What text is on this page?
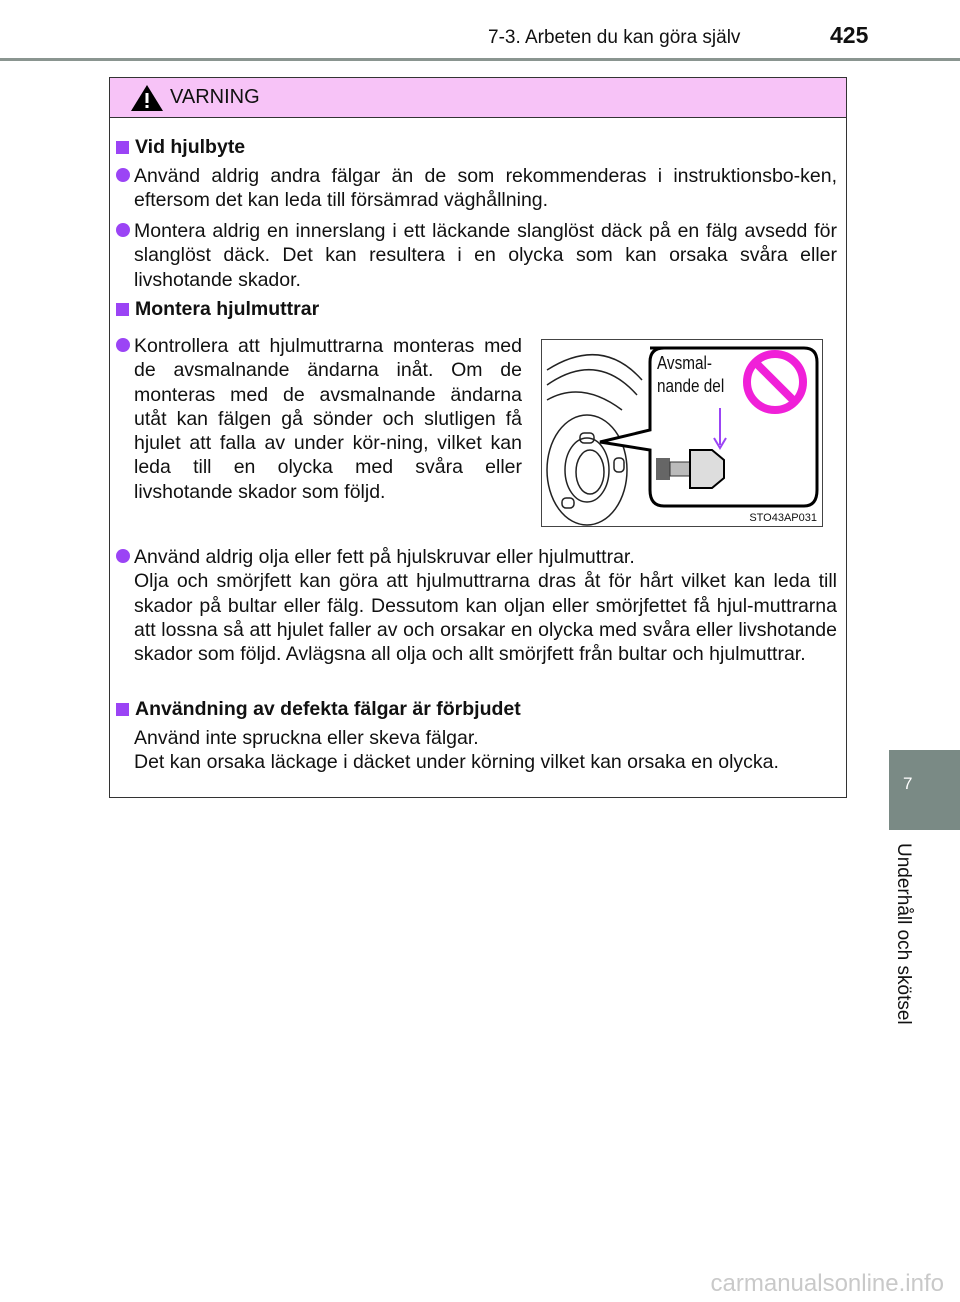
7-3. Arbeten du kan göra själv	425
VARNING
Vid hjulbyte
Använd aldrig andra fälgar än de som rekommenderas i instruktionsbo-ken, eftersom det kan leda till försämrad väghållning.
Montera aldrig en innerslang i ett läckande slanglöst däck på en fälg avsedd för slanglöst däck. Det kan resultera i en olycka som kan orsaka svåra eller livshotande skador.
Montera hjulmuttrar
Kontrollera att hjulmuttrarna monteras med de avsmalnande ändarna inåt. Om de monteras med de avsmalnande ändarna utåt kan fälgen gå sönder och slutligen få hjulet att falla av under kör-ning, vilket kan leda till en olycka med svåra eller livshotande skador som följd.
Avsmal-
nande del
STO43AP031
Använd aldrig olja eller fett på hjulskruvar eller hjulmuttrar.
Olja och smörjfett kan göra att hjulmuttrarna dras åt för hårt vilket kan leda till skador på bultar eller fälg. Dessutom kan oljan eller smörjfettet få hjul-muttrarna att lossna så att hjulet faller av och orsakar en olycka med svåra eller livshotande skador som följd. Avlägsna all olja och allt smörjfett från bultar och hjulmuttrar.
Användning av defekta fälgar är förbjudet
Använd inte spruckna eller skeva fälgar.
Det kan orsaka läckage i däcket under körning vilket kan orsaka en olycka.
7
Underhåll och skötsel
carmanualsonline.info
